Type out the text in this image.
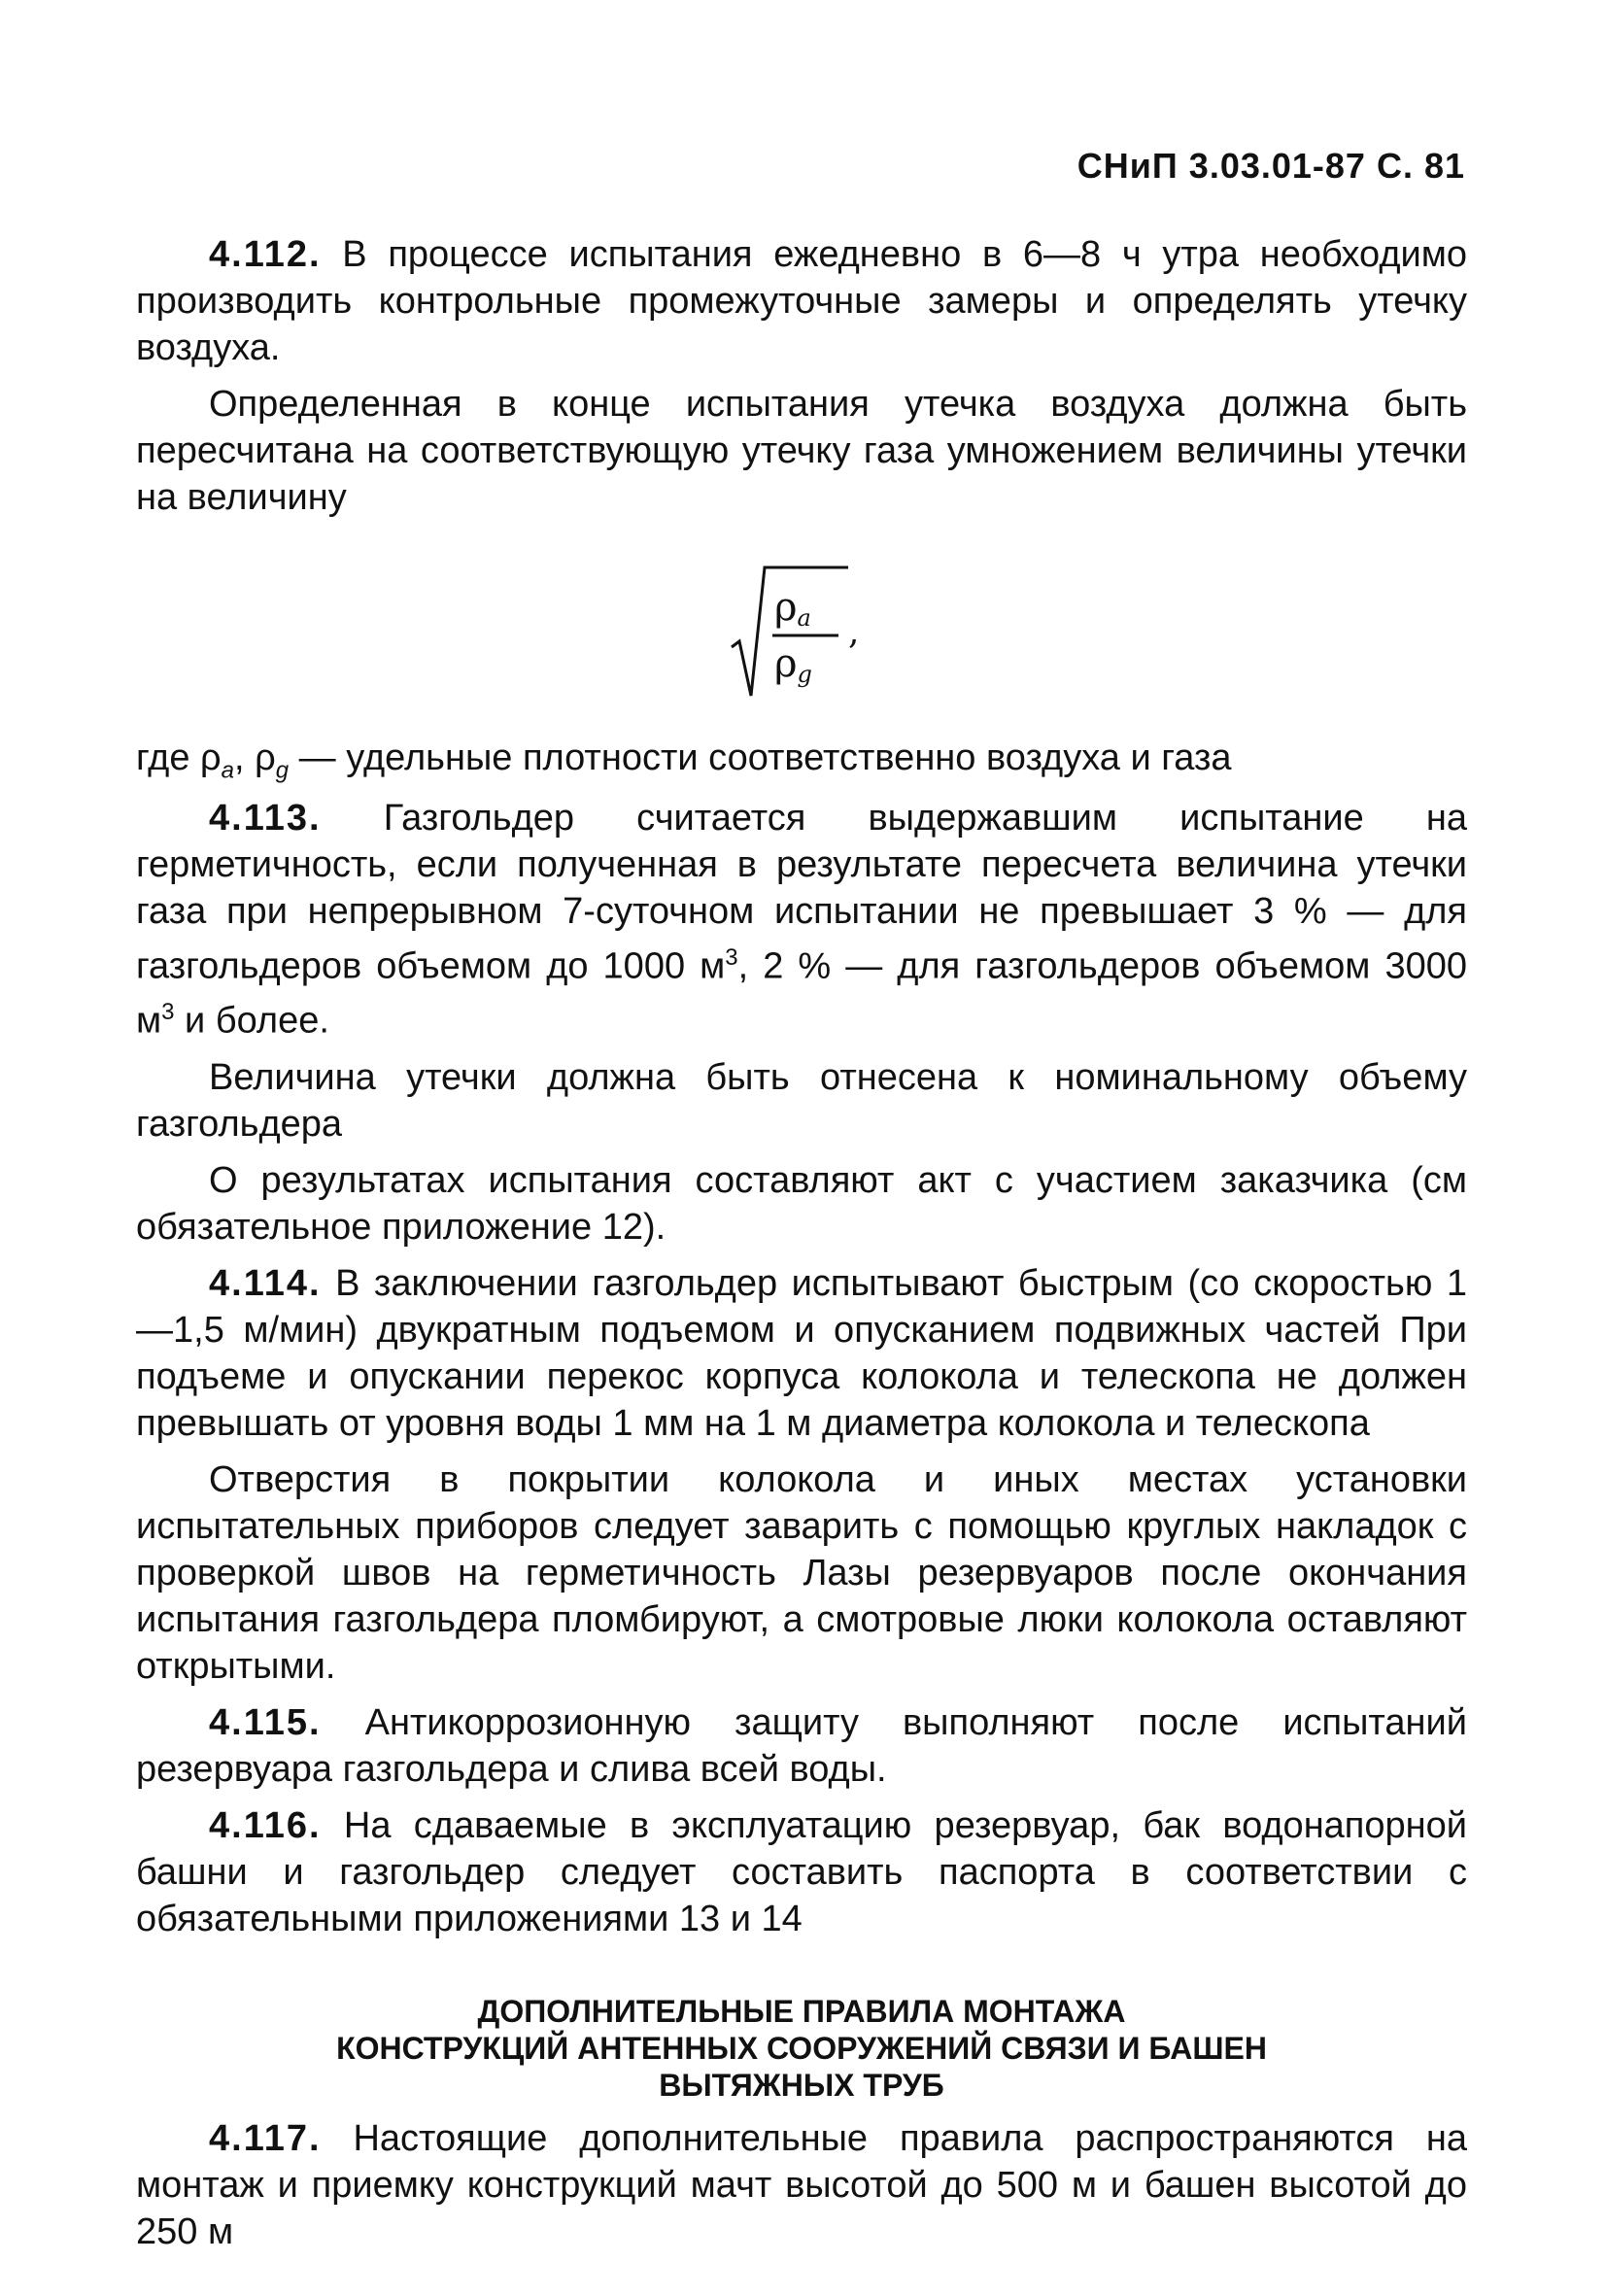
СНиП 3.03.01-87 С. 81

4.112. В процессе испытания ежедневно в 6—8 ч утра необходимо производить контрольные промежуточные замеры и определять утечку воздуха.

Определенная в конце испытания утечка воздуха должна быть пересчитана на соответствующую утечку газа умножением величины утечки на величину

ρa
ρg
,

где $\rho_a$, $\rho_g$ — удельные плотности соответственно воздуха и газа

4.113. Газгольдер считается выдержавшим испытание на герметичность, если полученная в результате пересчета величина утечки газа при непрерывном 7-суточном испытании не превышает 3 % — для газгольдеров объемом до 1000 $м^3$, 2 % — для газгольдеров объемом 3000 $м^3$ и более.

Величина утечки должна быть отнесена к номинальному объему газгольдера

О результатах испытания составляют акт с участием заказчика (см обязательное приложение 12).

4.114. В заключении газгольдер испытывают быстрым (со скоростью 1—1,5 м/мин) двукратным подъемом и опусканием подвижных частей При подъеме и опускании перекос корпуса колокола и телескопа не должен превышать от уровня воды 1 мм на 1 м диаметра колокола и телескопа

Отверстия в покрытии колокола и иных местах установки испытательных приборов следует заварить с помощью круглых накладок с проверкой швов на герметичность Лазы резервуаров после окончания испытания газгольдера пломбируют, а смотровые люки колокола оставляют открытыми.

4.115. Антикоррозионную защиту выполняют после испытаний резервуара газгольдера и слива всей воды.

4.116. На сдаваемые в эксплуатацию резервуар, бак водонапорной башни и газгольдер следует составить паспорта в соответствии с обязательными приложениями 13 и 14

ДОПОЛНИТЕЛЬНЫЕ ПРАВИЛА МОНТАЖА
КОНСТРУКЦИЙ АНТЕННЫХ СООРУЖЕНИЙ СВЯЗИ И БАШЕН
ВЫТЯЖНЫХ ТРУБ

4.117. Настоящие дополнительные правила распространяются на монтаж и приемку конструкций мачт высотой до 500 м и башен высотой до 250 м
